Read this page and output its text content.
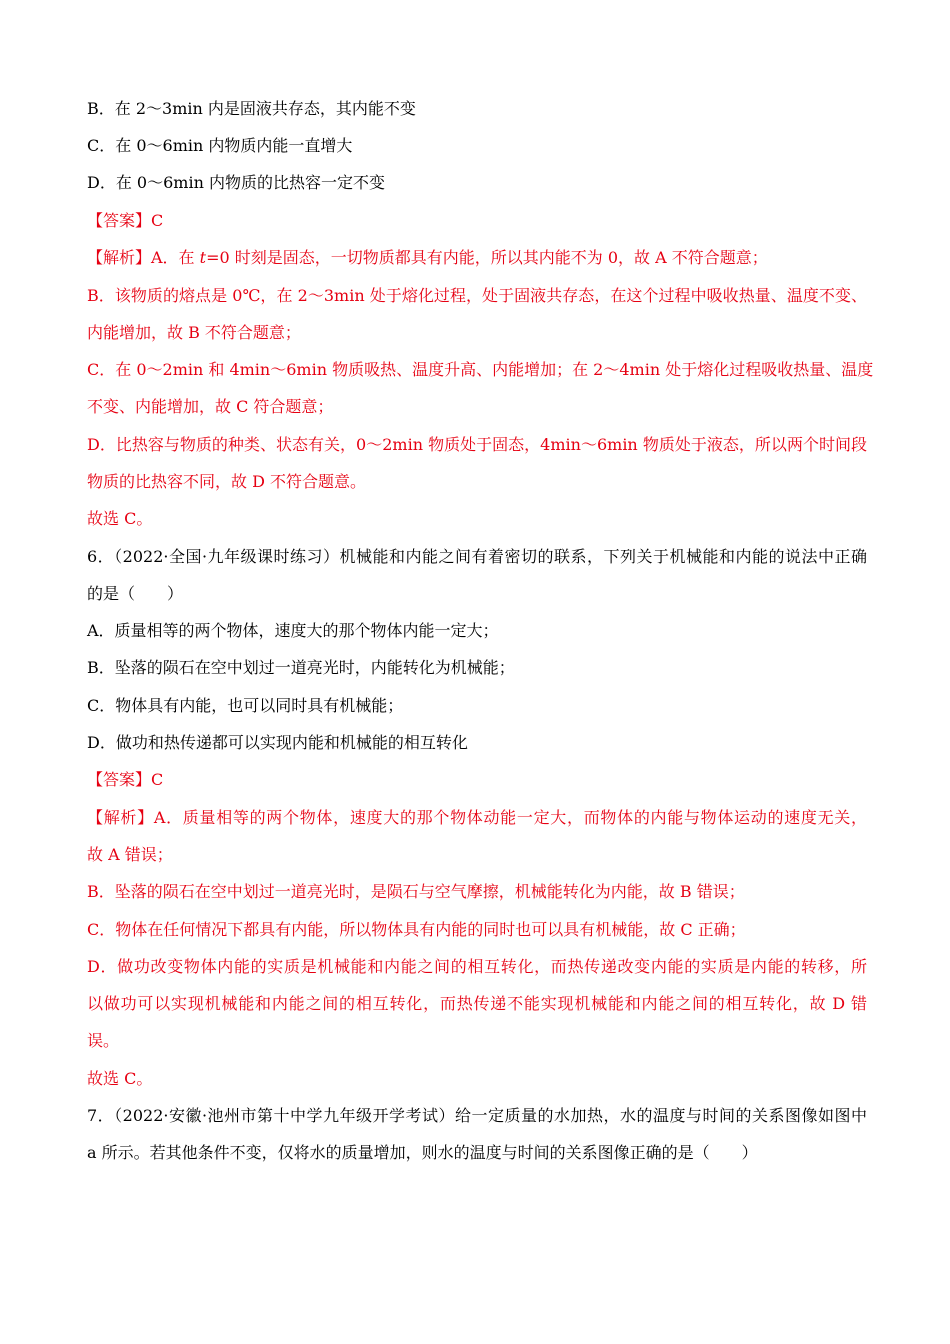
B．在 2～3min 内是固液共存态，其内能不变
C．在 0～6min 内物质内能一直增大
D．在 0～6min 内物质的比热容一定不变
【答案】C
【解析】A．在 t=0 时刻是固态，一切物质都具有内能，所以其内能不为 0，故 A 不符合题意；
B．该物质的熔点是 0℃，在 2～3min 处于熔化过程，处于固液共存态，在这个过程中吸收热量、温度不变、
内能增加，故 B 不符合题意；
C．在 0～2min 和 4min～6min 物质吸热、温度升高、内能增加；在 2～4min 处于熔化过程吸收热量、温度
不变、内能增加，故 C 符合题意；
D．比热容与物质的种类、状态有关，0～2min 物质处于固态，4min～6min 物质处于液态，所以两个时间段
物质的比热容不同，故 D 不符合题意。
故选 C。
6．（2022·全国·九年级课时练习）机械能和内能之间有着密切的联系，下列关于机械能和内能的说法中正确
的是（　　）
A．质量相等的两个物体，速度大的那个物体内能一定大；
B．坠落的陨石在空中划过一道亮光时，内能转化为机械能；
C．物体具有内能，也可以同时具有机械能；
D．做功和热传递都可以实现内能和机械能的相互转化
【答案】C
【解析】A．质量相等的两个物体，速度大的那个物体动能一定大，而物体的内能与物体运动的速度无关，
故 A 错误；
B．坠落的陨石在空中划过一道亮光时，是陨石与空气摩擦，机械能转化为内能，故 B 错误；
C．物体在任何情况下都具有内能，所以物体具有内能的同时也可以具有机械能，故 C 正确；
D．做功改变物体内能的实质是机械能和内能之间的相互转化，而热传递改变内能的实质是内能的转移，所
以做功可以实现机械能和内能之间的相互转化，而热传递不能实现机械能和内能之间的相互转化，故 D 错
误。
故选 C。
7．（2022·安徽·池州市第十中学九年级开学考试）给一定质量的水加热，水的温度与时间的关系图像如图中
a 所示。若其他条件不变，仅将水的质量增加，则水的温度与时间的关系图像正确的是（　　）
